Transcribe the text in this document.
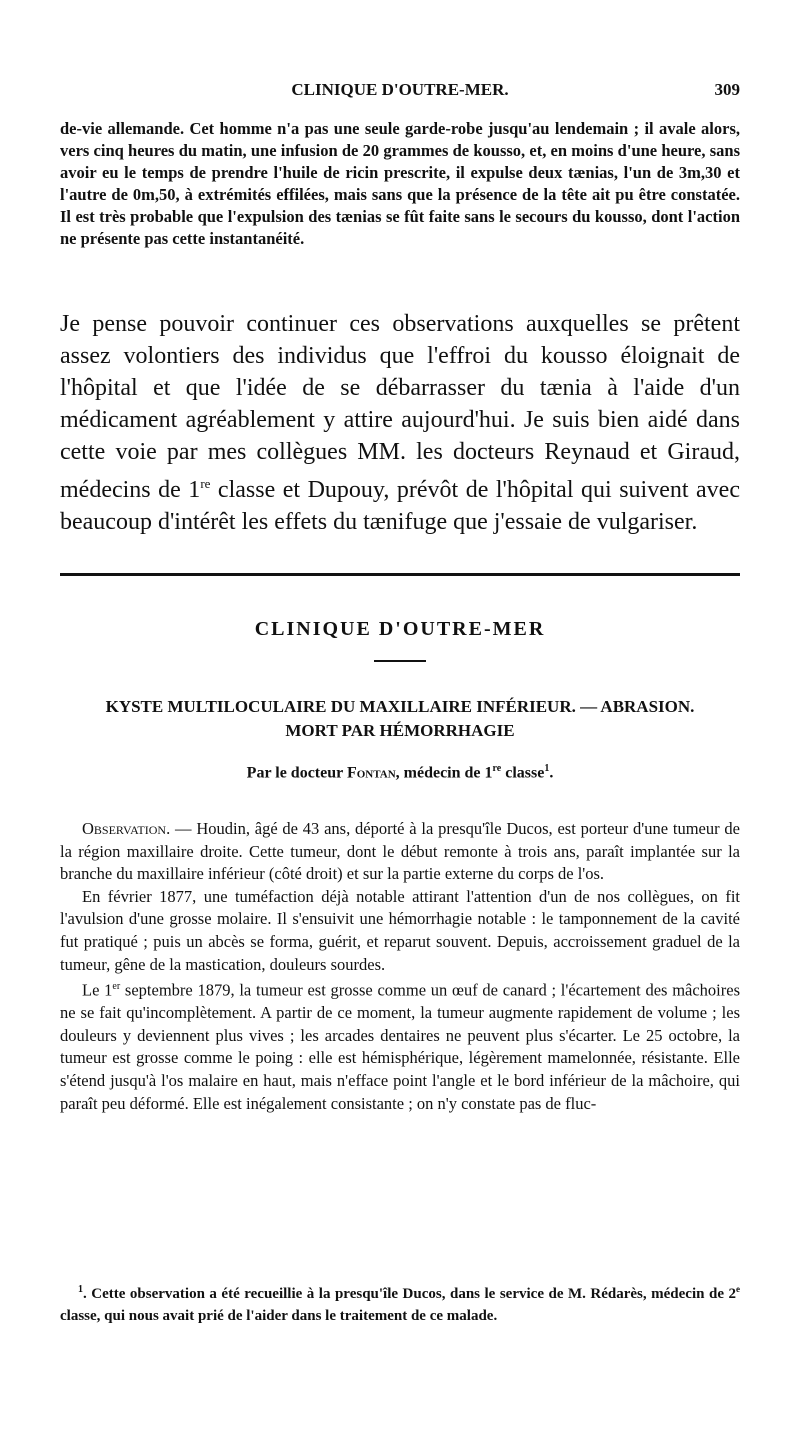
CLINIQUE D'OUTRE-MER.	309

de-vie allemande. Cet homme n'a pas une seule garde-robe jusqu'au lendemain ; il avale alors, vers cinq heures du matin, une infusion de 20 grammes de kousso, et, en moins d'une heure, sans avoir eu le temps de prendre l'huile de ricin prescrite, il expulse deux tænias, l'un de 3m,30 et l'autre de 0m,50, à extrémités effilées, mais sans que la présence de la tête ait pu être constatée. Il est très probable que l'expulsion des tænias se fût faite sans le secours du kousso, dont l'action ne présente pas cette instantanéité.

Je pense pouvoir continuer ces observations auxquelles se prêtent assez volontiers des individus que l'effroi du kousso éloignait de l'hôpital et que l'idée de se débarrasser du tænia à l'aide d'un médicament agréablement y attire aujourd'hui. Je suis bien aidé dans cette voie par mes collègues MM. les docteurs Reynaud et Giraud, médecins de 1re classe et Dupouy, prévôt de l'hôpital qui suivent avec beaucoup d'intérêt les effets du tænifuge que j'essaie de vulgariser.

CLINIQUE D'OUTRE-MER
KYSTE MULTILOCULAIRE DU MAXILLAIRE INFÉRIEUR. — ABRASION.
MORT PAR HÉMORRHAGIE
Par le docteur Fontan, médecin de 1re classe$^1$.

Observation. — Houdin, âgé de 43 ans, déporté à la presqu'île Ducos, est porteur d'une tumeur de la région maxillaire droite. Cette tumeur, dont le début remonte à trois ans, paraît implantée sur la branche du maxillaire inférieur (côté droit) et sur la partie externe du corps de l'os.

En février 1877, une tuméfaction déjà notable attirant l'attention d'un de nos collègues, on fit l'avulsion d'une grosse molaire. Il s'ensuivit une hémorrhagie notable : le tamponnement de la cavité fut pratiqué ; puis un abcès se forma, guérit, et reparut souvent. Depuis, accroissement graduel de la tumeur, gêne de la mastication, douleurs sourdes.

Le 1er septembre 1879, la tumeur est grosse comme un œuf de canard ; l'écartement des mâchoires ne se fait qu'incomplètement. A partir de ce moment, la tumeur augmente rapidement de volume ; les douleurs y deviennent plus vives ; les arcades dentaires ne peuvent plus s'écarter. Le 25 octobre, la tumeur est grosse comme le poing : elle est hémisphérique, légèrement mamelonnée, résistante. Elle s'étend jusqu'à l'os malaire en haut, mais n'efface point l'angle et le bord inférieur de la mâchoire, qui paraît peu déformé. Elle est inégalement consistante ; on n'y constate pas de fluc-

$^1$. Cette observation a été recueillie à la presqu'île Ducos, dans le service de M. Rédarès, médecin de 2e classe, qui nous avait prié de l'aider dans le traitement de ce malade.
